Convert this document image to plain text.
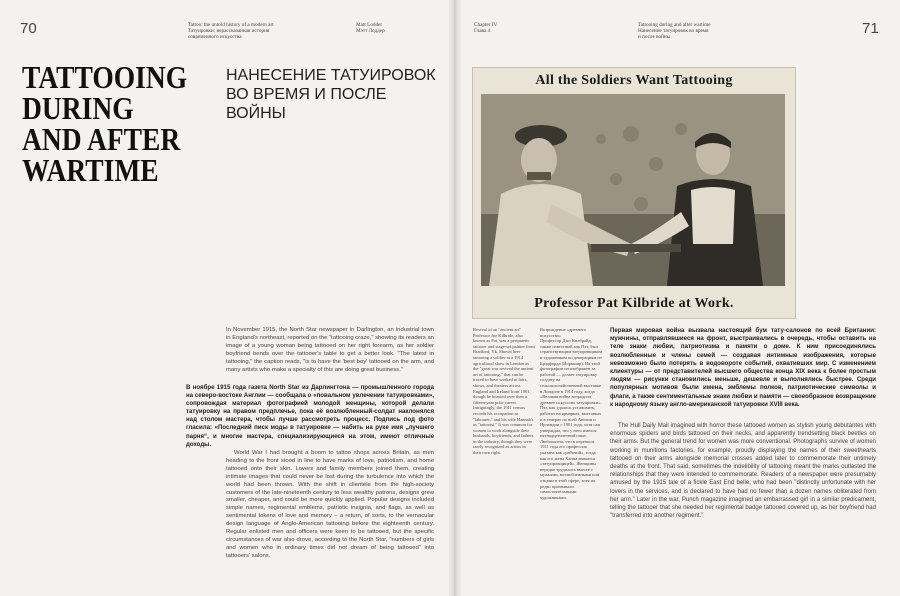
70	Tattoo: the untold history of a modern art
Татуировки: нерассказанная история
современного искусства
Matt Lodder
Мэтт Лоддер
TATTOOING DURING AND AFTER WARTIME
НАНЕСЕНИЕ ТАТУИРОВОК ВО ВРЕМЯ И ПОСЛЕ ВОЙНЫ

In November 1915, the North Star newspaper in Darlington, an industrial town in England's northeast, reported on the "tattooing craze," showing its readers an image of a young woman being tattooed on her right forearm, as her soldier boyfriend bends over the tattooer's table to get a better look. "The latest in tattooing," the caption reads, "is to have the 'best boy' tattooed on the arm, and many artists who make a specialty of this are doing great business."

В ноябре 1915 года газета North Star из Дарлингтона — промышленного города на северо-востоке Англии — сообщала о «повальном увлечении татуировками», сопровождая материал фотографией молодой женщины, которой делали татуировку на правом предплечье, пока её возлюбленный-солдат наклонялся над столом мастера, чтобы лучше рассмотреть процесс. Подпись под фото гласила: «Последний писк моды в татуировке — набить на руке имя „лучшего парня“, и многие мастера, специализирующиеся на этом, имеют отличные доходы.

World War I had brought a boom to tattoo shops across Britain, as men heading to the front stood in line to have marks of love, patriotism, and home tattooed onto their skin. Lovers and family members joined them, creating intimate images that could never be lost during the turbulence into which the world had been thrown. With the shift in clientele from the high-society customers of the late-nineteenth century to less wealthy patrons, designs grew smaller, cheaper, and could be more quickly applied. Popular designs included simple names, regimental emblems, patriotic insignia, and flags, as well as sentimental tokens of love and memory – a return, of sorts, to the vernacular design language of Anglo-American tattooing before the eighteenth century. Regular enlisted men and officers were keen to be tattooed, but the specific circumstances of war also drove, according to the North Star, "numbers of girls and women who in ordinary times did not dream of being tattooed" into tattooers' salons.

Chapter IV
Глава 4
Tattooing during and after wartime
Нанесение татуировок во время
и после войны	71
All the Soldiers Want Tattooing
Professor Pat Kilbride at Work.
Revival of an "ancient art"
Professor Joe Kilbride, also known as Pat, was a peripatetic tattooer and stage-set painter from Bradford, Yk. Shown here tattooing a soldier at a 1914 agricultural show in London as the "great war revived the ancient art of tattooing," that can be traced to have worked at fairs, shows, and theaters across England and Ireland from 1901, though he boasted over then a fifteen-year prior career. Intriguingly, the 1911 census records his occupation as "labourer," and his wife Hannah's as "tattooist." It was common for women to work alongside their husbands, boyfriends, and fathers in the industry, though they were rarely recognized as artists in their own right.
Возрождение «древнего искусства»
Профессор Джо Килбрайд, также известный как Пэт, был странствующим татуировщиком и художником по декорациям из Брэдфорда (Йоркшир). На этой фотографии он изображён за работой — делает татуировку солдату на сельскохозяйственной выставке в Лондоне в 1914 году, когда «Великая война возродила древнее искусство татуировки». Пэт, как удалось установить, работал на ярмарках, выставках и в театрах по всей Англии и Ирландии с 1901 года, хотя сам утверждал, что у него имелся пятнадцатилетний опыт. Любопытно, что в переписи 1911 года его профессия указана как «рабочий», тогда как его жена Ханна значится «татуировщицей». Женщины нередко трудились вместе с мужьями, возлюбленными или отцами в этой сфере, хотя их редко признавали самостоятельными художниками.

Первая мировая война вызвала настоящий бум тату-салонов по всей Британии: мужчины, отправлявшиеся на фронт, выстраивались в очередь, чтобы оставить на теле знаки любви, патриотизма и памяти о доме. К ним присоединялись возлюбленные и члены семей — создавая интимные изображения, которые невозможно было потерять в водовороте событий, охвативших мир. С изменением клиентуры — от представителей высшего общества конца XIX века к более простым людям — рисунки становились меньше, дешевле и выполнялись быстрее. Среди популярных мотивов были имена, эмблемы полков, патриотические символы и флаги, а также сентиментальные знаки любви и памяти — своеобразное возвращение к народному языку англо-американской татуировки XVIII века.

The Hull Daily Mail imagined with horror these tattooed women as stylish young debutantes with enormous spiders and birds tattooed on their necks, and apparently trendsetting black beetles on their arms. But the general trend for women was more conventional. Photographs survive of women working in munitions factories, for example, proudly displaying the names of their sweethearts tattooed on their arms alongside memorial crosses added later to commemorate their untimely deaths at the front. That said, sometimes the indelibility of tattooing meant the marks outlasted the relationships that they were intended to commemorate. Readers of a newspaper were presumably amused by the 1915 tale of a fickle East End belle, who had been "distinctly unfortunate with her lovers in the services, and is declared to have had no fewer than a dozen names obliterated from her arm." Later in the war, Punch magazine imagined an embarrassed girl in a similar predicament, telling the tattooer that she needed her regimental badge tattooed covered up, as her boyfriend had "transferred into another regiment."
